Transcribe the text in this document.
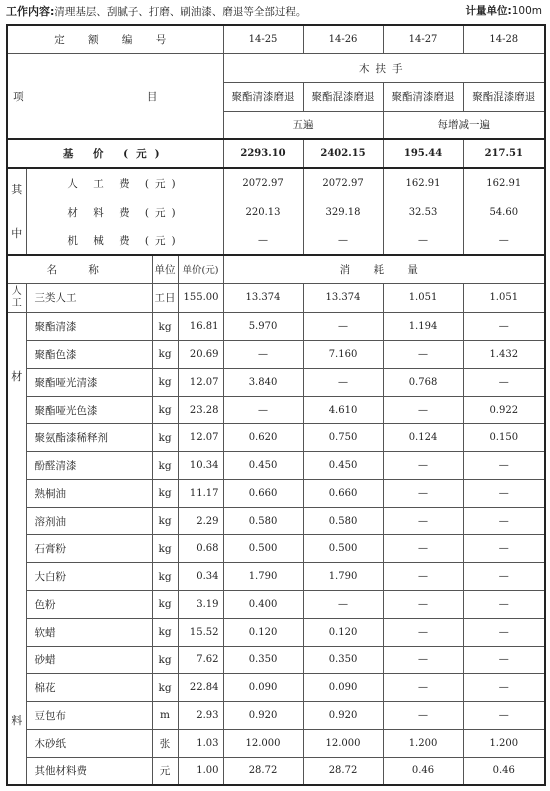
工作内容:清理基层、刮腻子、打磨、刷油漆、磨退等全部过程。	计量单位:100m
定 额 编 号				14-25	14-26	14-27	14-28
项 目				木扶手			
				聚酯清漆磨退	聚酯混漆磨退	聚酯清漆磨退	聚酯混漆磨退
				五遍		每增减一遍	
基 价 (元)				2293.10	2402.15	195.44	217.51

其
中	人 工 费 (元)			2072.97	2072.97	162.91	162.91
	材 料 费 (元)			220.13	329.18	32.53	54.60
	机 械 费 (元)			—	—	—	—
名 称		单位	单价(元)	消 耗 量			
人工	三类人工	工日	155.00	13.374	13.374	1.051	1.051

材
料	聚酯清漆	kg	16.81	5.970	—	1.194	—
	聚酯色漆	kg	20.69	—	7.160	—	1.432
	聚酯哑光清漆	kg	12.07	3.840	—	0.768	—
	聚酯哑光色漆	kg	23.28	—	4.610	—	0.922
	聚氨酯漆稀释剂	kg	12.07	0.620	0.750	0.124	0.150
	酚醛清漆	kg	10.34	0.450	0.450	—	—
	熟桐油	kg	11.17	0.660	0.660	—	—
	溶剂油	kg	2.29	0.580	0.580	—	—
	石膏粉	kg	0.68	0.500	0.500	—	—
	大白粉	kg	0.34	1.790	1.790	—	—
	色粉	kg	3.19	0.400	—	—	—
	软蜡	kg	15.52	0.120	0.120	—	—
	砂蜡	kg	7.62	0.350	0.350	—	—
	棉花	kg	22.84	0.090	0.090	—	—
	豆包布	m	2.93	0.920	0.920	—	—
	木砂纸	张	1.03	12.000	12.000	1.200	1.200
	其他材料费	元	1.00	28.72	28.72	0.46	0.46
